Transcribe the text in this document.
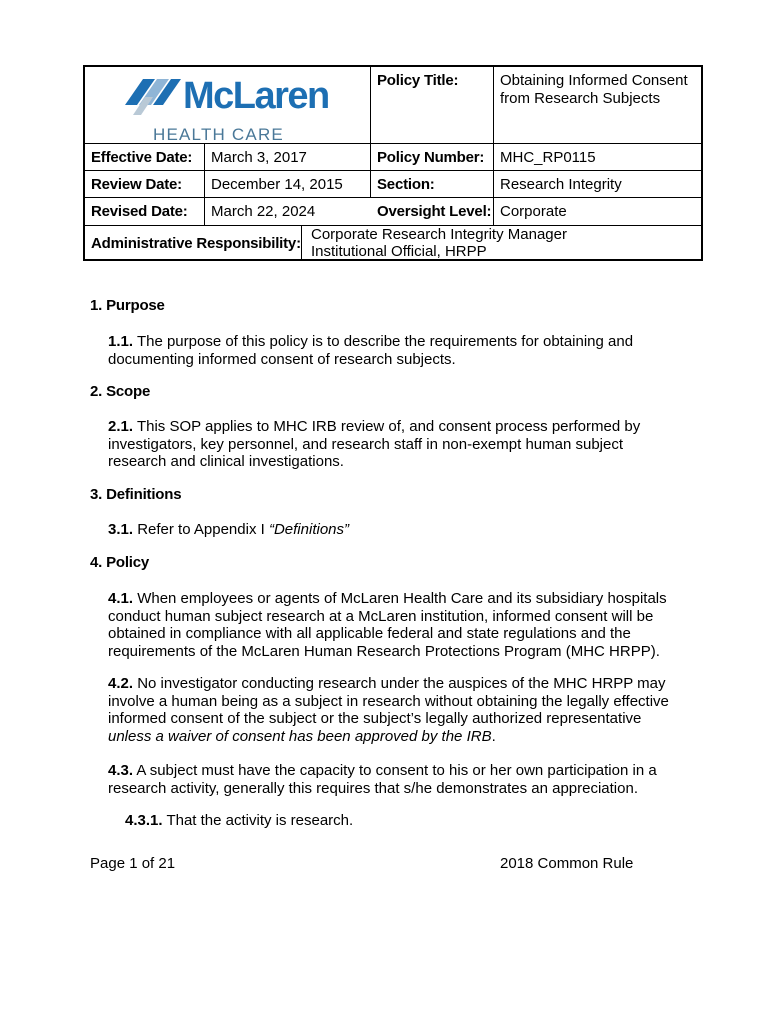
McLaren
HEALTH CARE
Policy Title:	Obtaining Informed Consent
from Research Subjects
Effective Date: March 3, 2017	Policy Number: MHC_RP0115
Review Date: December 14, 2015 Section:	Research Integrity
Revised Date: March 22, 2024	Oversight Level: Corporate
Administrative Responsibility:
Corporate Research Integrity Manager
Institutional Official, HRPP
1. Purpose
1.1. The purpose of this policy is to describe the requirements for obtaining and documenting informed consent of research subjects.
2. Scope
2.1. This SOP applies to MHC IRB review of, and consent process performed by investigators, key personnel, and research staff in non-exempt human subject research and clinical investigations.
3. Definitions
3.1. Refer to Appendix I “Definitions”
4. Policy
4.1. When employees or agents of McLaren Health Care and its subsidiary hospitals conduct human subject research at a McLaren institution, informed consent will be obtained in compliance with all applicable federal and state regulations and the requirements of the McLaren Human Research Protections Program (MHC HRPP).
4.2. No investigator conducting research under the auspices of the MHC HRPP may involve a human being as a subject in research without obtaining the legally effective informed consent of the subject or the subject’s legally authorized representative unless a waiver of consent has been approved by the IRB.
4.3. A subject must have the capacity to consent to his or her own participation in a research activity, generally this requires that s/he demonstrates an appreciation.
4.3.1. That the activity is research.
Page 1 of 21	2018 Common Rule
